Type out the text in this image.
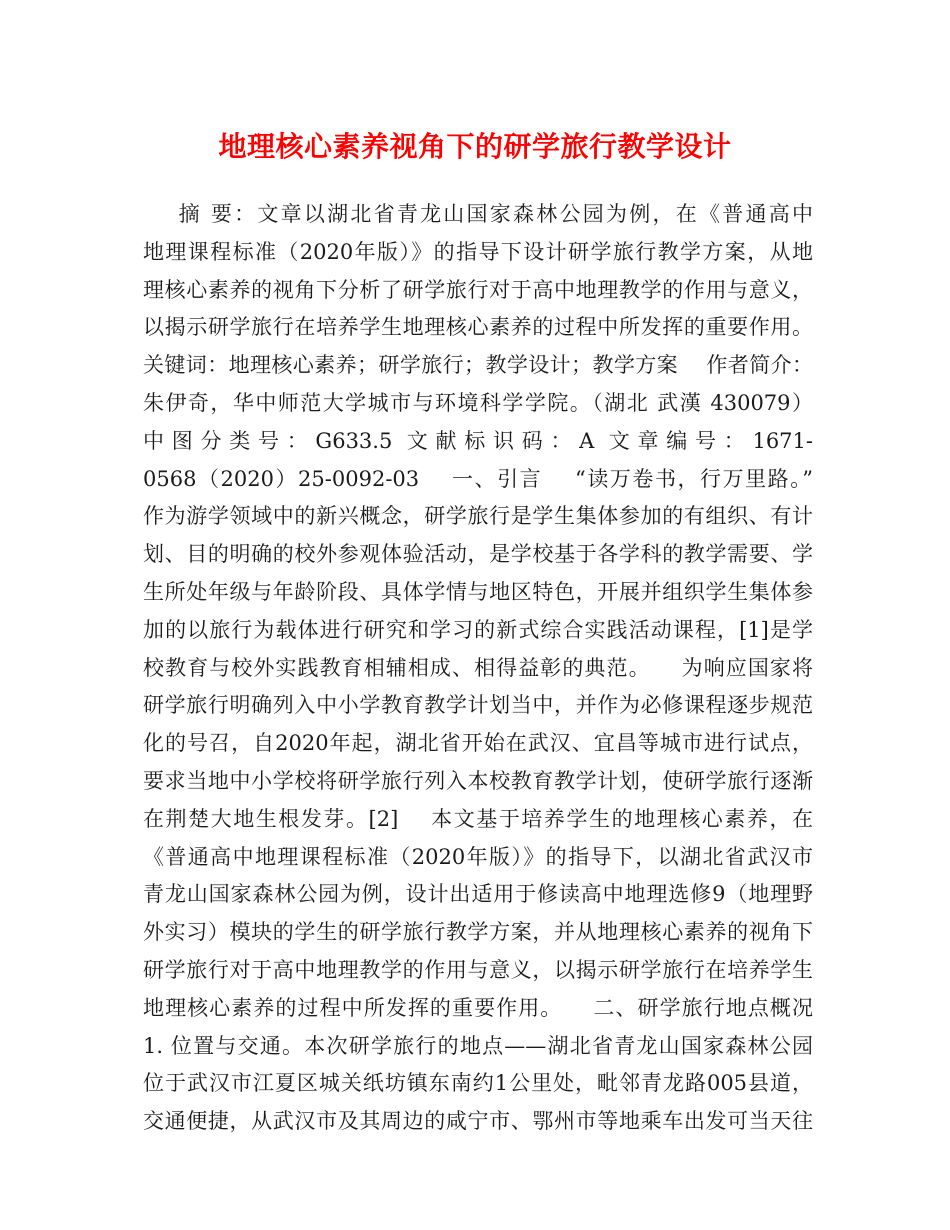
地理核心素养视角下的研学旅行教学设计
摘 要：文章以湖北省青龙山国家森林公园为例，在《普通高中
地理课程标准（2020年版）》的指导下设计研学旅行教学方案，从地
理核心素养的视角下分析了研学旅行对于高中地理教学的作用与意义，
以揭示研学旅行在培养学生地理核心素养的过程中所发挥的重要作用。
关键词：地理核心素养；研学旅行；教学设计；教学方案    作者简介：
朱伊奇，华中师范大学城市与环境科学学院。（湖北 武漢 430079）
中 图 分 类 号 ： G633.5  文 献 标 识 码 ： A  文 章 编 号 ： 1671-
0568（2020）25-0092-03    一、引言    “读万卷书，行万里路。”
作为游学领域中的新兴概念，研学旅行是学生集体参加的有组织、有计
划、目的明确的校外参观体验活动，是学校基于各学科的教学需要、学
生所处年级与年龄阶段、具体学情与地区特色，开展并组织学生集体参
加的以旅行为载体进行研究和学习的新式综合实践活动课程，[1]是学
校教育与校外实践教育相辅相成、相得益彰的典范。    为响应国家将
研学旅行明确列入中小学教育教学计划当中，并作为必修课程逐步规范
化的号召，自2020年起，湖北省开始在武汉、宜昌等城市进行试点，
要求当地中小学校将研学旅行列入本校教育教学计划，使研学旅行逐渐
在荆楚大地生根发芽。[2]    本文基于培养学生的地理核心素养，在
《普通高中地理课程标准（2020年版）》的指导下，以湖北省武汉市
青龙山国家森林公园为例，设计出适用于修读高中地理选修9（地理野
外实习）模块的学生的研学旅行教学方案，并从地理核心素养的视角下
研学旅行对于高中地理教学的作用与意义，以揭示研学旅行在培养学生
地理核心素养的过程中所发挥的重要作用。    二、研学旅行地点概况
1. 位置与交通。本次研学旅行的地点——湖北省青龙山国家森林公园
位于武汉市江夏区城关纸坊镇东南约1公里处，毗邻青龙路005县道，
交通便捷，从武汉市及其周边的咸宁市、鄂州市等地乘车出发可当天往
